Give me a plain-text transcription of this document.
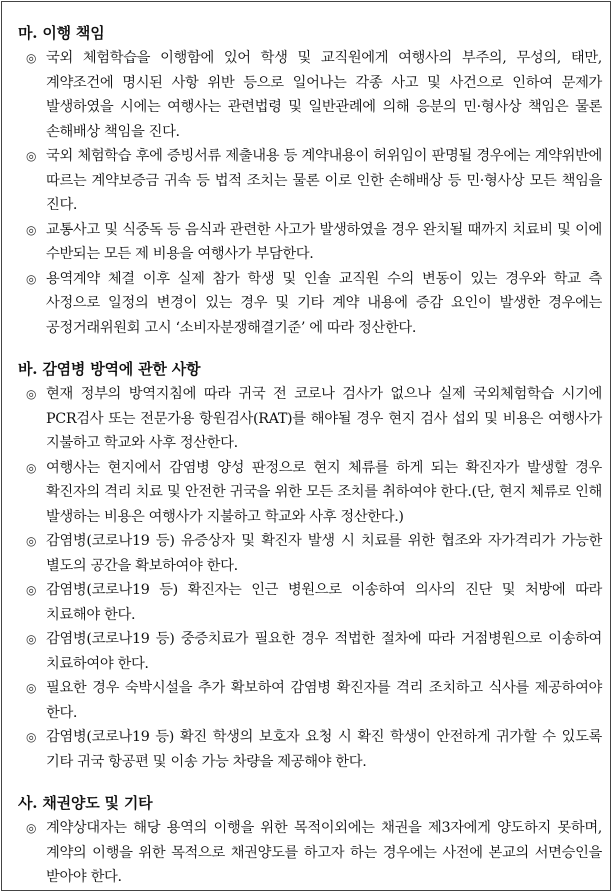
마. 이행 책임
◎ 국외 체험학습을 이행함에 있어 학생 및 교직원에게 여행사의 부주의, 무성의, 태만, 계약조건에 명시된 사항 위반 등으로 일어나는 각종 사고 및 사건으로 인하여 문제가 발생하였을 시에는 여행사는 관련법령 및 일반관례에 의해 응분의 민·형사상 책임은 물론 손해배상 책임을 진다.
◎ 국외 체험학습 후에 증빙서류 제출내용 등 계약내용이 허위임이 판명될 경우에는 계약위반에 따르는 계약보증금 귀속 등 법적 조치는 물론 이로 인한 손해배상 등 민·형사상 모든 책임을 진다.
◎ 교통사고 및 식중독 등 음식과 관련한 사고가 발생하였을 경우 완치될 때까지 치료비 및 이에 수반되는 모든 제 비용을 여행사가 부담한다.
◎ 용역계약 체결 이후 실제 참가 학생 및 인솔 교직원 수의 변동이 있는 경우와 학교 측 사정으로 일정의 변경이 있는 경우 및 기타 계약 내용에 증감 요인이 발생한 경우에는 공정거래위원회 고시 ‘소비자분쟁해결기준’ 에 따라 정산한다.
바. 감염병 방역에 관한 사항
◎ 현재 정부의 방역지침에 따라 귀국 전 코로나 검사가 없으나 실제 국외체험학습 시기에 PCR검사 또는 전문가용 항원검사(RAT)를 해야될 경우 현지 검사 섭외 및 비용은 여행사가 지불하고 학교와 사후 정산한다.
◎ 여행사는 현지에서 감염병 양성 판정으로 현지 체류를 하게 되는 확진자가 발생할 경우 확진자의 격리 치료 및 안전한 귀국을 위한 모든 조치를 취하여야 한다.(단, 현지 체류로 인해 발생하는 비용은 여행사가 지불하고 학교와 사후 정산한다.)
◎ 감염병(코로나19 등) 유증상자 및 확진자 발생 시 치료를 위한 협조와 자가격리가 가능한 별도의 공간을 확보하여야 한다.
◎ 감염병(코로나19 등) 확진자는 인근 병원으로 이송하여 의사의 진단 및 처방에 따라 치료해야 한다.
◎ 감염병(코로나19 등) 중증치료가 필요한 경우 적법한 절차에 따라 거점병원으로 이송하여 치료하여야 한다.
◎ 필요한 경우 숙박시설을 추가 확보하여 감염병 확진자를 격리 조치하고 식사를 제공하여야 한다.
◎ 감염병(코로나19 등) 확진 학생의 보호자 요청 시 확진 학생이 안전하게 귀가할 수 있도록 기타 귀국 항공편 및 이송 가능 차량을 제공해야 한다.
사. 채권양도 및 기타
◎ 계약상대자는 해당 용역의 이행을 위한 목적이외에는 채권을 제3자에게 양도하지 못하며, 계약의 이행을 위한 목적으로 채권양도를 하고자 하는 경우에는 사전에 본교의 서면승인을 받아야 한다.
